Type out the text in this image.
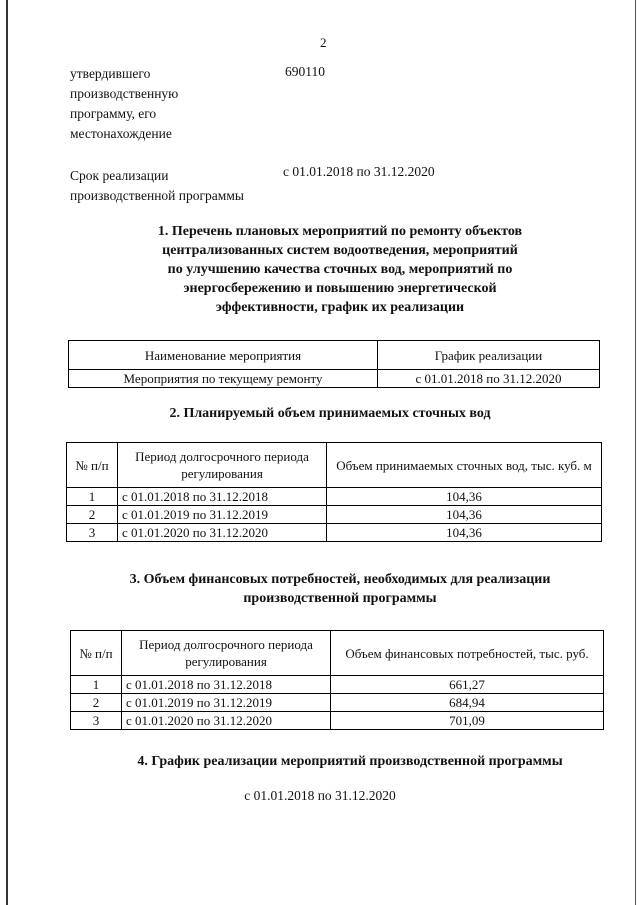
2
утвердившего
производственную
программу, его
местонахождение
690110
Срок реализации
производственной программы
с 01.01.2018 по 31.12.2020
1. Перечень плановых мероприятий по ремонту объектов
централизованных систем водоотведения, мероприятий
по улучшению качества сточных вод, мероприятий по
энергосбережению и повышению энергетической
эффективности, график их реализации
Наименование мероприятия	График реализации
Мероприятия по текущему ремонту	с 01.01.2018 по 31.12.2020
2. Планируемый объем принимаемых сточных вод
№ п/п	Период долгосрочного периода регулирования	Объем принимаемых сточных вод, тыс. куб. м
1	с 01.01.2018 по 31.12.2018	104,36
2	с 01.01.2019 по 31.12.2019	104,36
3	с 01.01.2020 по 31.12.2020	104,36
3. Объем финансовых потребностей, необходимых для реализации
производственной программы
№ п/п	Период долгосрочного периода регулирования	Объем финансовых потребностей, тыс. руб.
1	с 01.01.2018 по 31.12.2018	661,27
2	с 01.01.2019 по 31.12.2019	684,94
3	с 01.01.2020 по 31.12.2020	701,09
4. График реализации мероприятий производственной программы
с 01.01.2018 по 31.12.2020
